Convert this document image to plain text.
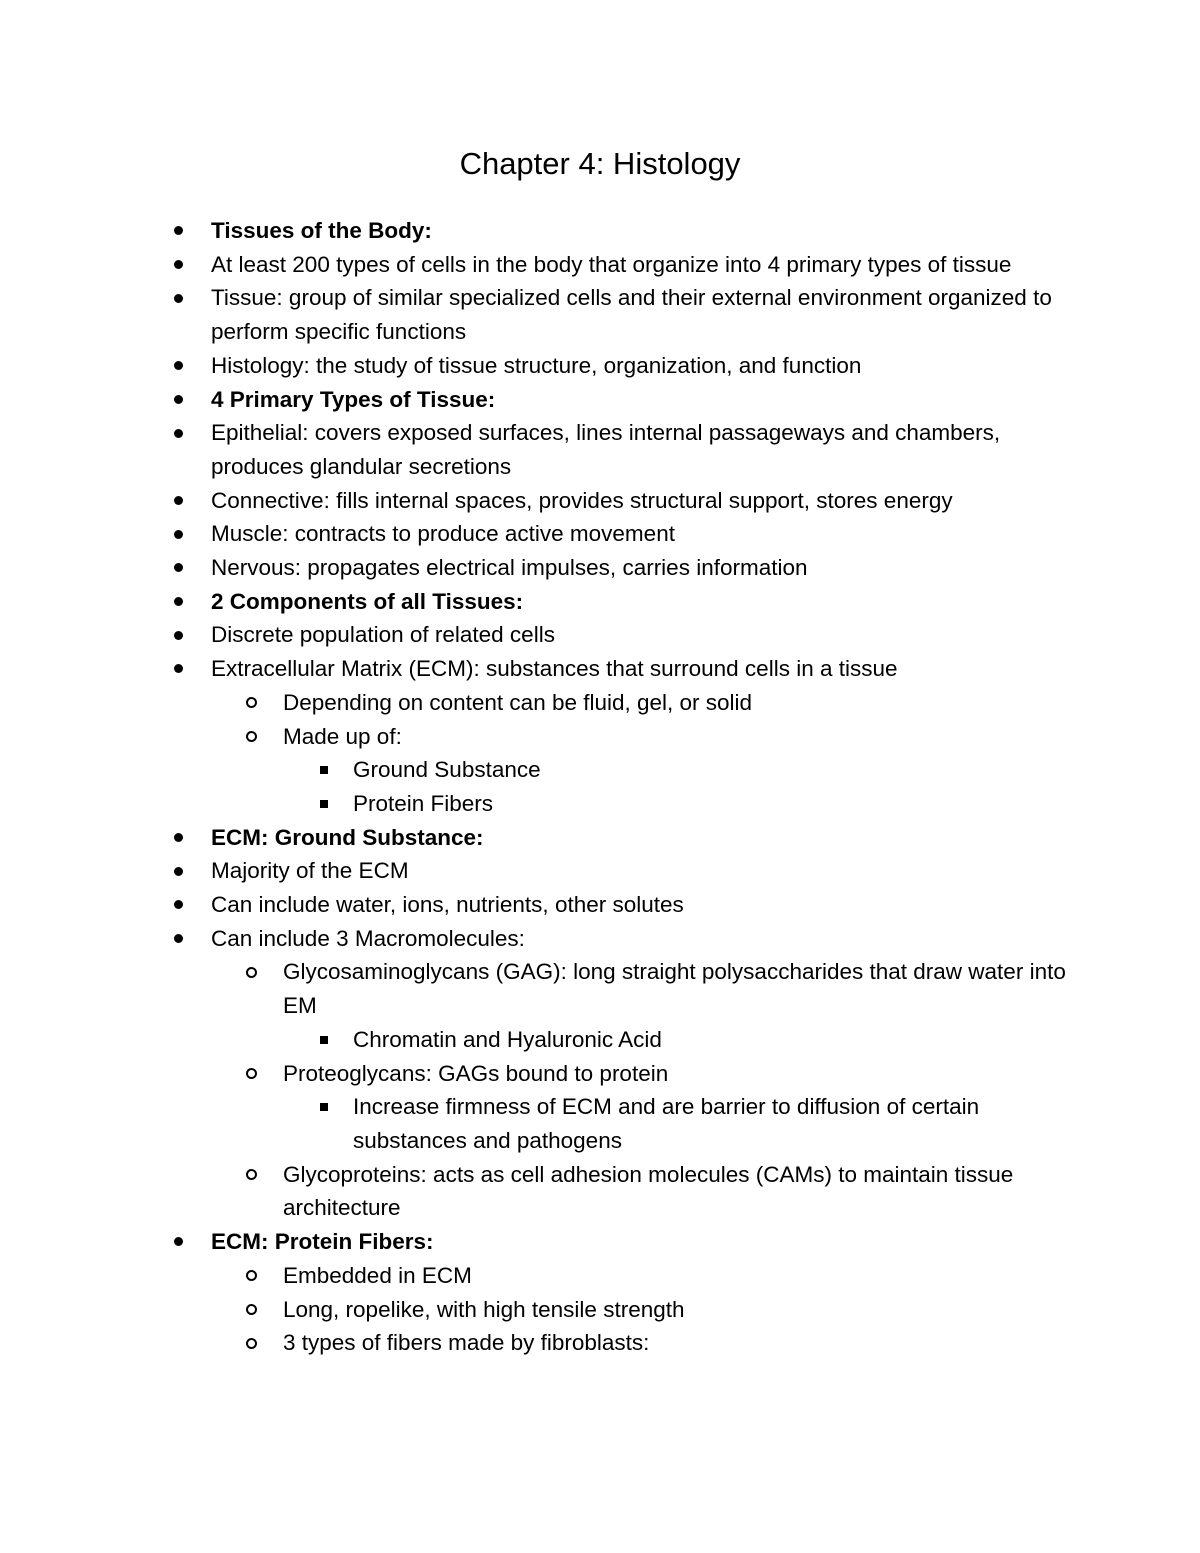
Chapter 4: Histology
Tissues of the Body:
At least 200 types of cells in the body that organize into 4 primary types of tissue
Tissue: group of similar specialized cells and their external environment organized to perform specific functions
Histology: the study of tissue structure, organization, and function
4 Primary Types of Tissue:
Epithelial: covers exposed surfaces, lines internal passageways and chambers, produces glandular secretions
Connective: fills internal spaces, provides structural support, stores energy
Muscle: contracts to produce active movement
Nervous: propagates electrical impulses, carries information
2 Components of all Tissues:
Discrete population of related cells
Extracellular Matrix (ECM): substances that surround cells in a tissue
Depending on content can be fluid, gel, or solid
Made up of:
Ground Substance
Protein Fibers
ECM: Ground Substance:
Majority of the ECM
Can include water, ions, nutrients, other solutes
Can include 3 Macromolecules:
Glycosaminoglycans (GAG): long straight polysaccharides that draw water into EM
Chromatin and Hyaluronic Acid
Proteoglycans: GAGs bound to protein
Increase firmness of ECM and are barrier to diffusion of certain substances and pathogens
Glycoproteins: acts as cell adhesion molecules (CAMs) to maintain tissue architecture
ECM: Protein Fibers:
Embedded in ECM
Long, ropelike, with high tensile strength
3 types of fibers made by fibroblasts:
